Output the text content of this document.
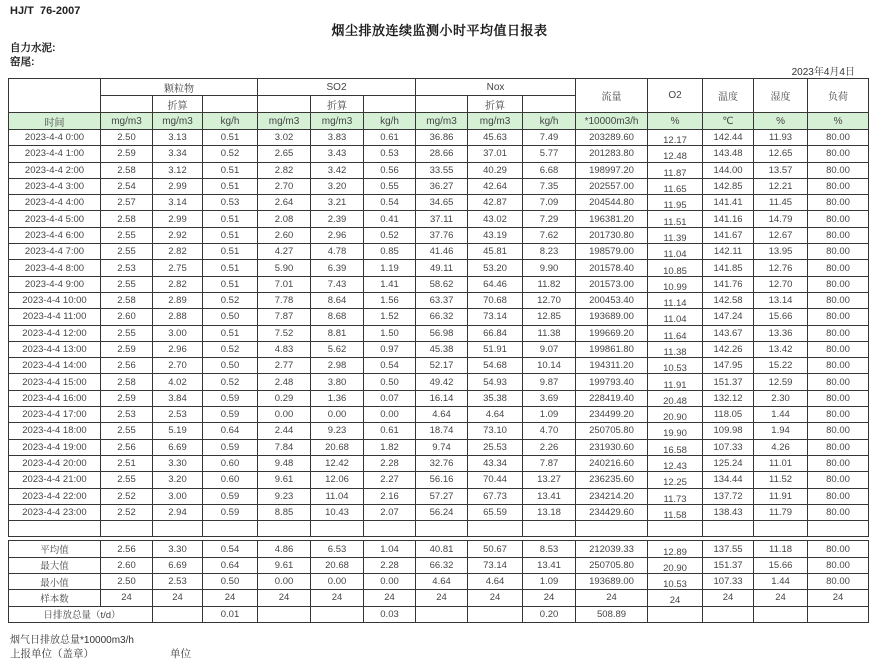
HJ/T  76-2007
烟尘排放连续监测小时平均值日报表
自力水泥:
窑尾:
2023年4月4日
	颗粒物			SO2			Nox			流量	O2	温度	湿度	负荷
		折算			折算			折算						
时间	mg/m3	mg/m3	kg/h	mg/m3	mg/m3	kg/h	mg/m3	mg/m3	kg/h	*10000m3/h	%	℃	%	%
2023-4-4 0:00	2.50	3.13	0.51	3.02	3.83	0.61	36.86	45.63	7.49	203289.60	12.17	142.44	11.93	80.00
2023-4-4 1:00	2.59	3.34	0.52	2.65	3.43	0.53	28.66	37.01	5.77	201283.80	12.48	143.48	12.65	80.00
2023-4-4 2:00	2.58	3.12	0.51	2.82	3.42	0.56	33.55	40.29	6.68	198997.20	11.87	144.00	13.57	80.00
2023-4-4 3:00	2.54	2.99	0.51	2.70	3.20	0.55	36.27	42.64	7.35	202557.00	11.65	142.85	12.21	80.00
2023-4-4 4:00	2.57	3.14	0.53	2.64	3.21	0.54	34.65	42.87	7.09	204544.80	11.95	141.41	11.45	80.00
2023-4-4 5:00	2.58	2.99	0.51	2.08	2.39	0.41	37.11	43.02	7.29	196381.20	11.51	141.16	14.79	80.00
2023-4-4 6:00	2.55	2.92	0.51	2.60	2.96	0.52	37.76	43.19	7.62	201730.80	11.39	141.67	12.67	80.00
2023-4-4 7:00	2.55	2.82	0.51	4.27	4.78	0.85	41.46	45.81	8.23	198579.00	11.04	142.11	13.95	80.00
2023-4-4 8:00	2.53	2.75	0.51	5.90	6.39	1.19	49.11	53.20	9.90	201578.40	10.85	141.85	12.76	80.00
2023-4-4 9:00	2.55	2.82	0.51	7.01	7.43	1.41	58.62	64.46	11.82	201573.00	10.99	141.76	12.70	80.00
2023-4-4 10:00	2.58	2.89	0.52	7.78	8.64	1.56	63.37	70.68	12.70	200453.40	11.14	142.58	13.14	80.00
2023-4-4 11:00	2.60	2.88	0.50	7.87	8.68	1.52	66.32	73.14	12.85	193689.00	11.04	147.24	15.66	80.00
2023-4-4 12:00	2.55	3.00	0.51	7.52	8.81	1.50	56.98	66.84	11.38	199669.20	11.64	143.67	13.36	80.00
2023-4-4 13:00	2.59	2.96	0.52	4.83	5.62	0.97	45.38	51.91	9.07	199861.80	11.38	142.26	13.42	80.00
2023-4-4 14:00	2.56	2.70	0.50	2.77	2.98	0.54	52.17	54.68	10.14	194311.20	10.53	147.95	15.22	80.00
2023-4-4 15:00	2.58	4.02	0.52	2.48	3.80	0.50	49.42	54.93	9.87	199793.40	11.91	151.37	12.59	80.00
2023-4-4 16:00	2.59	3.84	0.59	0.29	1.36	0.07	16.14	35.38	3.69	228419.40	20.48	132.12	2.30	80.00
2023-4-4 17:00	2.53	2.53	0.59	0.00	0.00	0.00	4.64	4.64	1.09	234499.20	20.90	118.05	1.44	80.00
2023-4-4 18:00	2.55	5.19	0.64	2.44	9.23	0.61	18.74	73.10	4.70	250705.80	19.90	109.98	1.94	80.00
2023-4-4 19:00	2.56	6.69	0.59	7.84	20.68	1.82	9.74	25.53	2.26	231930.60	16.58	107.33	4.26	80.00
2023-4-4 20:00	2.51	3.30	0.60	9.48	12.42	2.28	32.76	43.34	7.87	240216.60	12.43	125.24	11.01	80.00
2023-4-4 21:00	2.55	3.20	0.60	9.61	12.06	2.27	56.16	70.44	13.27	236235.60	12.25	134.44	11.52	80.00
2023-4-4 22:00	2.52	3.00	0.59	9.23	11.04	2.16	57.27	67.73	13.41	234214.20	11.73	137.72	11.91	80.00
2023-4-4 23:00	2.52	2.94	0.59	8.85	10.43	2.07	56.24	65.59	13.18	234429.60	11.58	138.43	11.79	80.00

平均值	2.56	3.30	0.54	4.86	6.53	1.04	40.81	50.67	8.53	212039.33	12.89	137.55	11.18	80.00
最大值	2.60	6.69	0.64	9.61	20.68	2.28	66.32	73.14	13.41	250705.80	20.90	151.37	15.66	80.00
最小值	2.50	2.53	0.50	0.00	0.00	0.00	4.64	4.64	1.09	193689.00	10.53	107.33	1.44	80.00
样本数	24	24	24	24	24	24	24	24	24	24	24	24	24	24
日排放总量（t/d）			0.01			0.03			0.20	508.89				
烟气日排放总量*10000m3/h
上报单位（盖章）	单位
